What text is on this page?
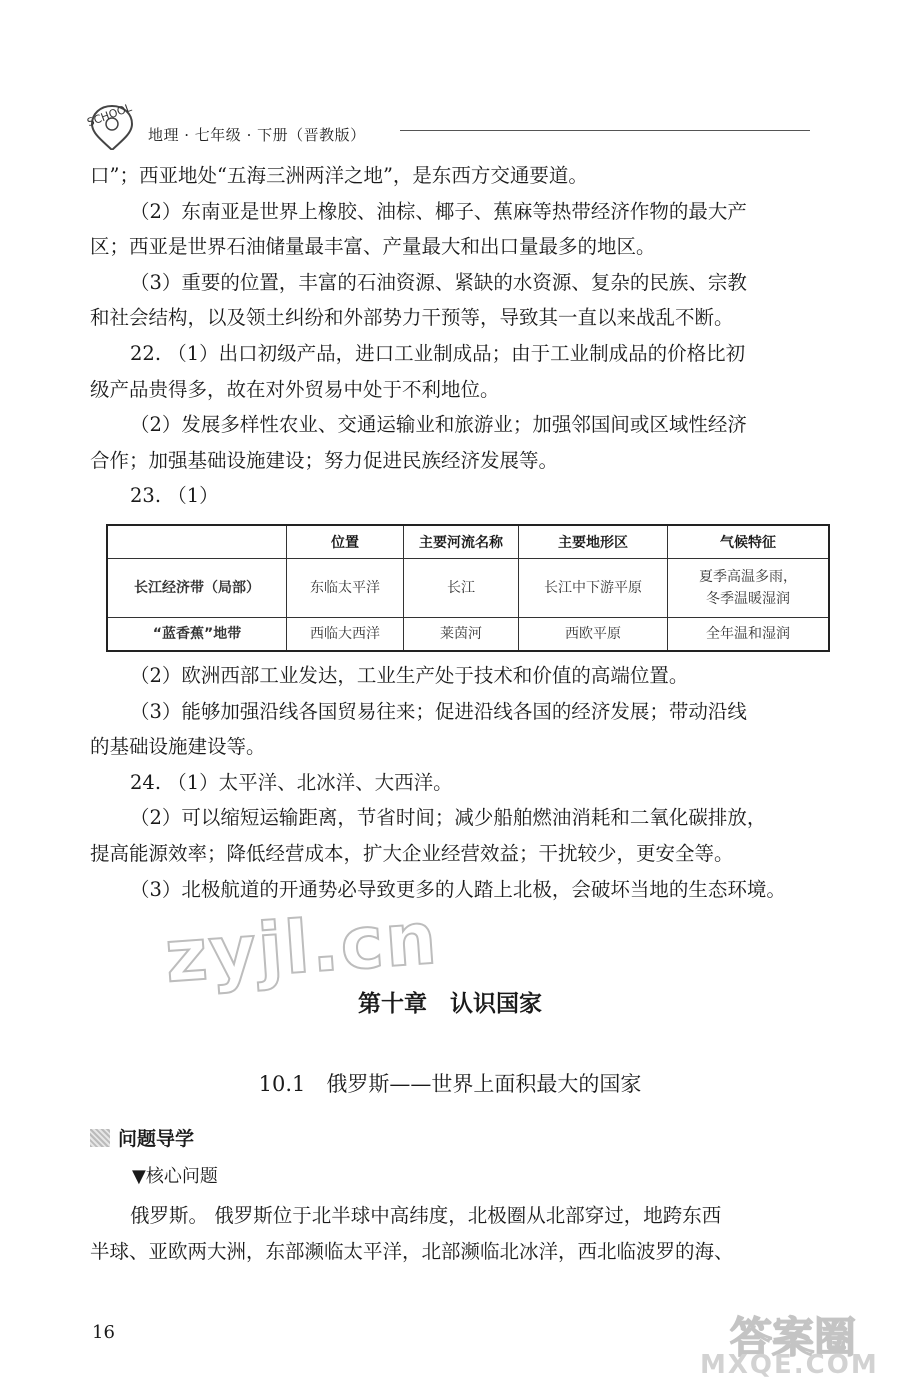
SCHOOL
地理 · 七年级 · 下册（晋教版）

口”；西亚地处“五海三洲两洋之地”，是东西方交通要道。

（2）东南亚是世界上橡胶、油棕、椰子、蕉麻等热带经济作物的最大产

区；西亚是世界石油储量最丰富、产量最大和出口量最多的地区。

（3）重要的位置，丰富的石油资源、紧缺的水资源、复杂的民族、宗教

和社会结构，以及领土纠纷和外部势力干预等，导致其一直以来战乱不断。

22. （1）出口初级产品，进口工业制成品；由于工业制成品的价格比初

级产品贵得多，故在对外贸易中处于不利地位。

（2）发展多样性农业、交通运输业和旅游业；加强邻国间或区域性经济

合作；加强基础设施建设；努力促进民族经济发展等。

23. （1）

	位置	主要河流名称	主要地形区	气候特征
长江经济带（局部）	东临太平洋	长江	长江中下游平原	夏季高温多雨，
冬季温暖湿润

“蓝香蕉”地带	西临大西洋	莱茵河	西欧平原	全年温和湿润

（2）欧洲西部工业发达，工业生产处于技术和价值的高端位置。

（3）能够加强沿线各国贸易往来；促进沿线各国的经济发展；带动沿线

的基础设施建设等。

24. （1）太平洋、北冰洋、大西洋。

（2）可以缩短运输距离，节省时间；减少船舶燃油消耗和二氧化碳排放，

提高能源效率；降低经营成本，扩大企业经营效益；干扰较少，更安全等。

（3）北极航道的开通势必导致更多的人踏上北极，会破坏当地的生态环境。

zyjl.cn
第十章　认识国家
10.1　俄罗斯——世界上面积最大的国家
问题导学
▼核心问题

俄罗斯。 俄罗斯位于北半球中高纬度，北极圈从北部穿过，地跨东西

半球、亚欧两大洲，东部濒临太平洋，北部濒临北冰洋，西北临波罗的海、

16	答案圈
MXQE.COM
